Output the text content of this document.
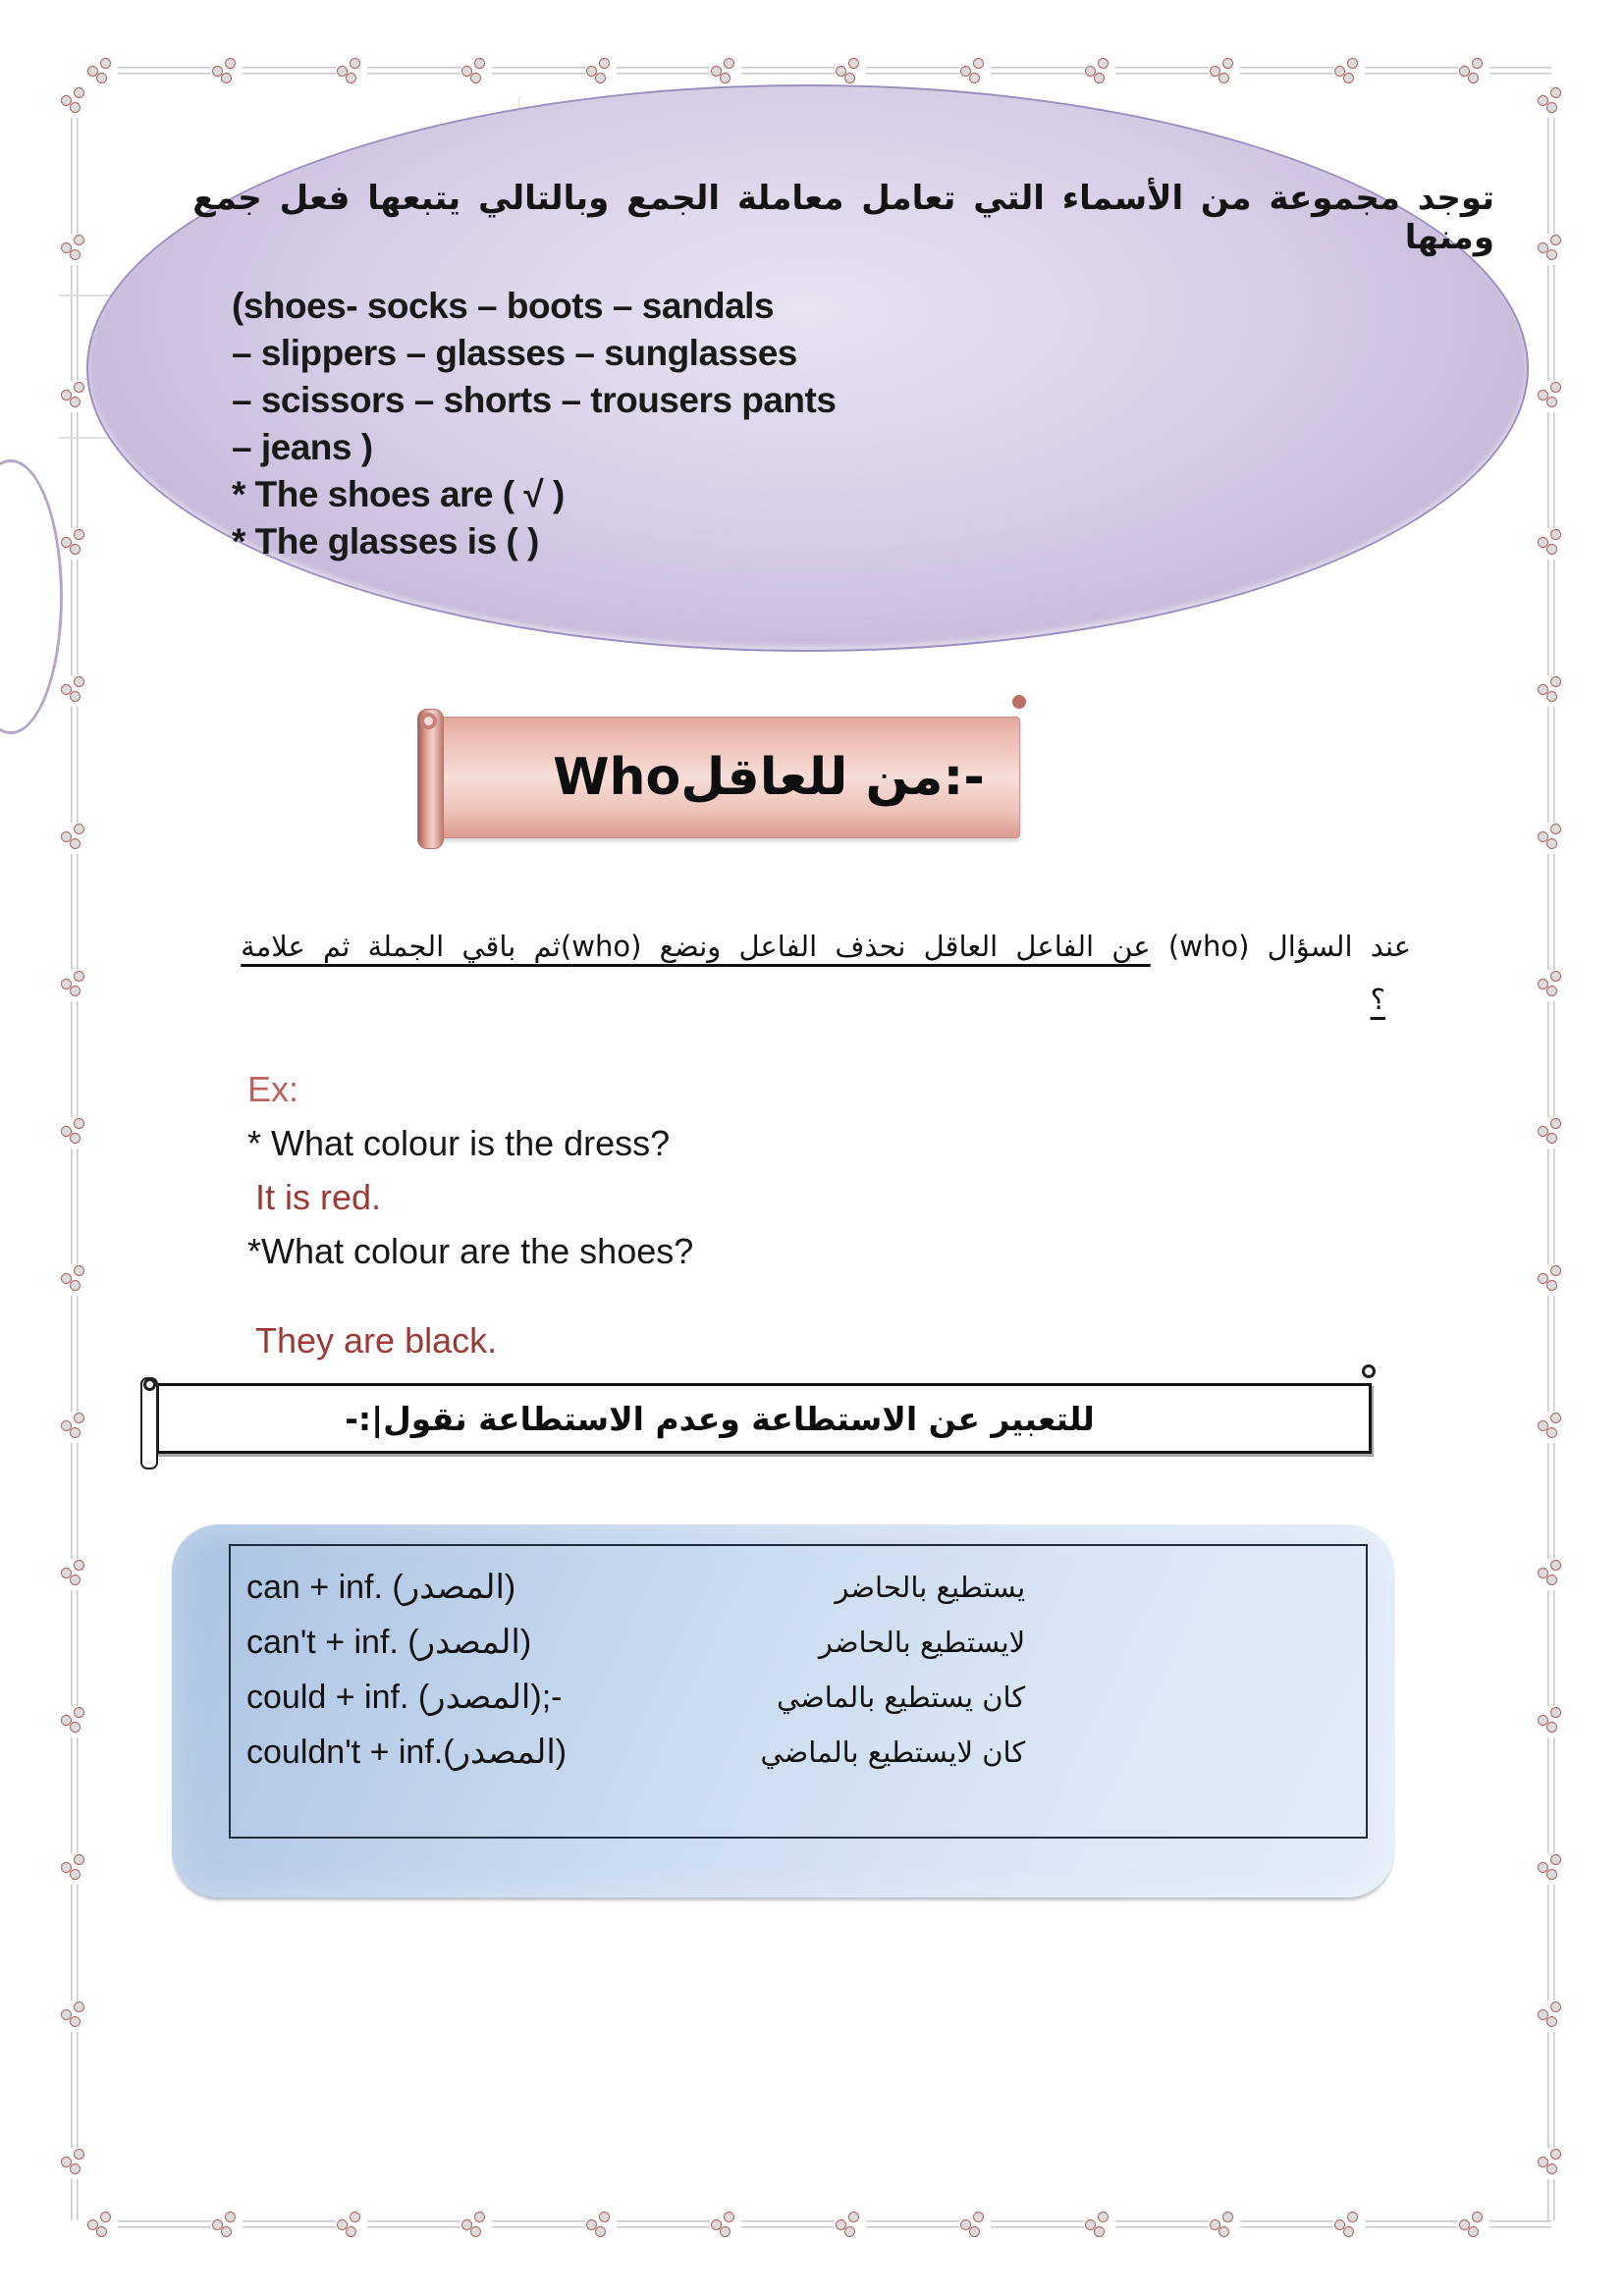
توجد مجموعة من الأسماء التي تعامل معاملة الجمع وبالتالي يتبعها فعل جمع ومنها
(shoes- socks – boots – sandals
– slippers – glasses – sunglasses
– scissors – shorts – trousers pants
– jeans )
* The shoes are ( √ )
* The glasses is ( )
Whoمن للعاقل:-
عند السؤال (who) عن الفاعل العاقل نحذف الفاعل ونضع (who)ثم باقي الجملة ثم علامة
؟
Ex:
* What colour is the dress?
It is red.
*What colour are the shoes?
They are black.
للتعبير عن الاستطاعة وعدم الاستطاعة نقول|:-
can + inf. (المصدر)	يستطيع بالحاضر
can't + inf. (المصدر)	لايستطيع بالحاضر
could + inf. (المصدر);-	كان يستطيع بالماضي
couldn't + inf.(المصدر)	كان لايستطيع بالماضي
